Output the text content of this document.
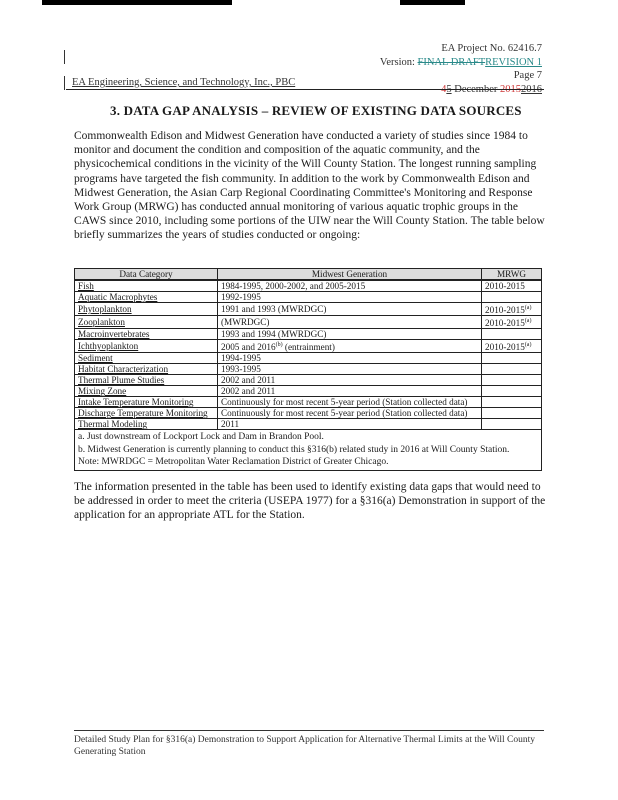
EA Project No. 62416.7
Version: FINAL DRAFTREVISION 1
Page 7
45 December 20152016
EA Engineering, Science, and Technology, Inc., PBC
3. DATA GAP ANALYSIS – REVIEW OF EXISTING DATA SOURCES
Commonwealth Edison and Midwest Generation have conducted a variety of studies since 1984 to monitor and document the condition and composition of the aquatic community, and the physicochemical conditions in the vicinity of the Will County Station. The longest running sampling programs have targeted the fish community. In addition to the work by Commonwealth Edison and Midwest Generation, the Asian Carp Regional Coordinating Committee's Monitoring and Response Work Group (MRWG) has conducted annual monitoring of various aquatic trophic groups in the CAWS since 2010, including some portions of the UIW near the Will County Station. The table below briefly summarizes the years of studies conducted or ongoing:
Data Category	Midwest Generation	MRWG
Fish	1984-1995, 2000-2002, and 2005-2015	2010-2015
Aquatic Macrophytes	1992-1995	
Phytoplankton	1991 and 1993 (MWRDGC)	2010-2015$^{(a)}$
Zooplankton	(MWRDGC)	2010-2015$^{(a)}$
Macroinvertebrates	1993 and 1994 (MWRDGC)	
Ichthyoplankton	2005 and 2016$^{(b)}$ (entrainment)	2010-2015$^{(a)}$
Sediment	1994-1995	
Habitat Characterization	1993-1995	
Thermal Plume Studies	2002 and 2011	
Mixing Zone	2002 and 2011	
Intake Temperature Monitoring	Continuously for most recent 5-year period (Station collected data)	
Discharge Temperature Monitoring	Continuously for most recent 5-year period (Station collected data)	
Thermal Modeling	2011	

a. Just downstream of Lockport Lock and Dam in Brandon Pool.
b. Midwest Generation is currently planning to conduct this §316(b) related study in 2016 at Will County Station.
Note: MWRDGC = Metropolitan Water Reclamation District of Greater Chicago.		
The information presented in the table has been used to identify existing data gaps that would need to be addressed in order to meet the criteria (USEPA 1977) for a §316(a) Demonstration in support of the application for an appropriate ATL for the Station.
Detailed Study Plan for §316(a) Demonstration to Support Application for Alternative Thermal Limits at the Will County Generating Station
